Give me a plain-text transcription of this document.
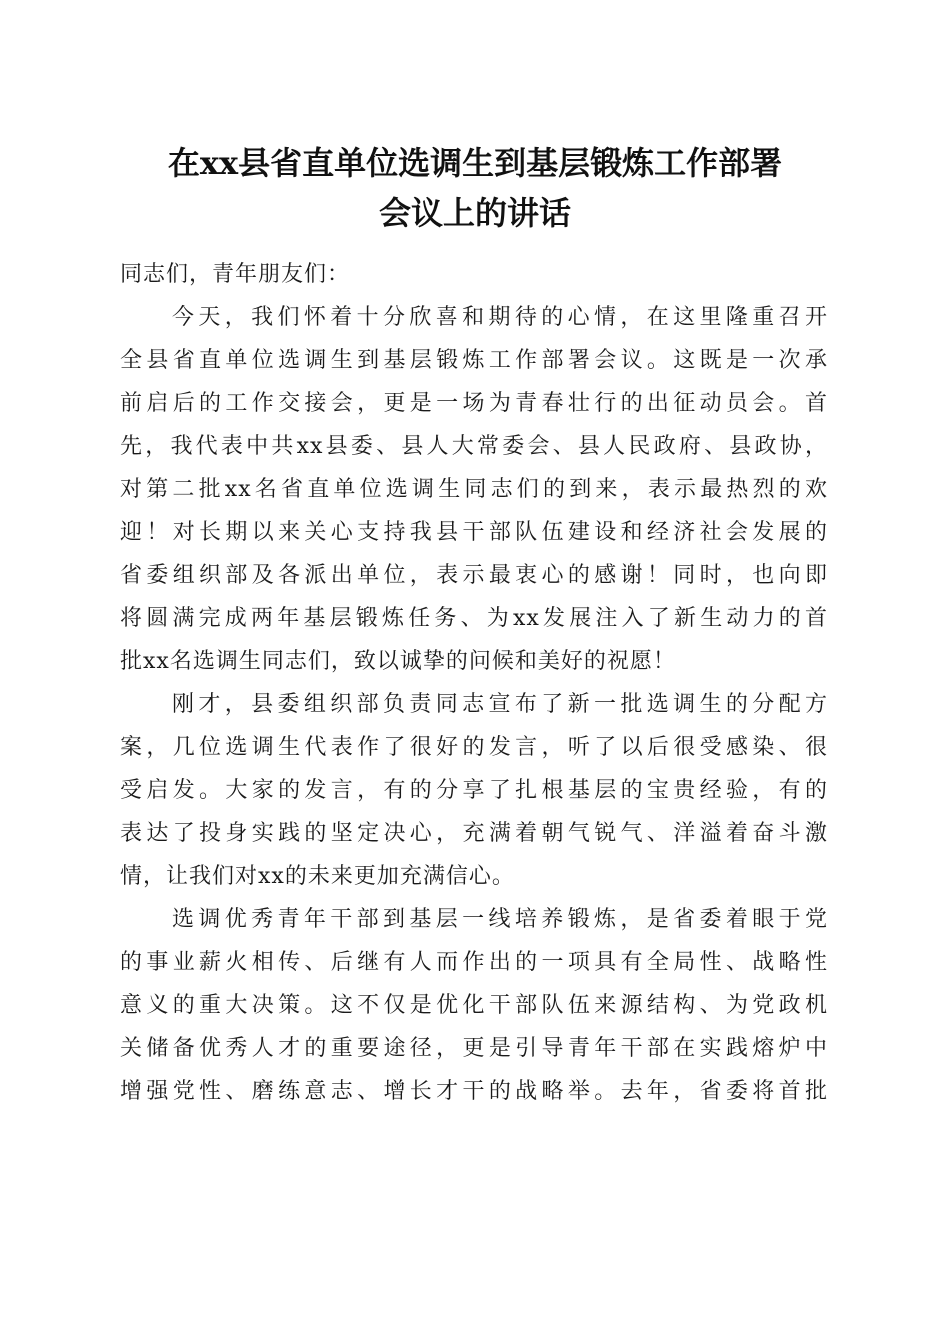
在xx县省直单位选调生到基层锻炼工作部署
会议上的讲话

同志们，青年朋友们：

今天，我们怀着十分欣喜和期待的心情，在这里隆重召开
全县省直单位选调生到基层锻炼工作部署会议。这既是一次承
前启后的工作交接会，更是一场为青春壮行的出征动员会。首
先，我代表中共xx县委、县人大常委会、县人民政府、县政协，
对第二批xx名省直单位选调生同志们的到来，表示最热烈的欢
迎！对长期以来关心支持我县干部队伍建设和经济社会发展的
省委组织部及各派出单位，表示最衷心的感谢！同时，也向即
将圆满完成两年基层锻炼任务、为xx发展注入了新生动力的首
批xx名选调生同志们，致以诚挚的问候和美好的祝愿！

刚才，县委组织部负责同志宣布了新一批选调生的分配方
案，几位选调生代表作了很好的发言，听了以后很受感染、很
受启发。大家的发言，有的分享了扎根基层的宝贵经验，有的
表达了投身实践的坚定决心，充满着朝气锐气、洋溢着奋斗激
情，让我们对xx的未来更加充满信心。

选调优秀青年干部到基层一线培养锻炼，是省委着眼于党
的事业薪火相传、后继有人而作出的一项具有全局性、战略性
意义的重大决策。这不仅是优化干部队伍来源结构、为党政机
关储备优秀人才的重要途径，更是引导青年干部在实践熔炉中
增强党性、磨练意志、增长才干的战略举。去年，省委将首批
